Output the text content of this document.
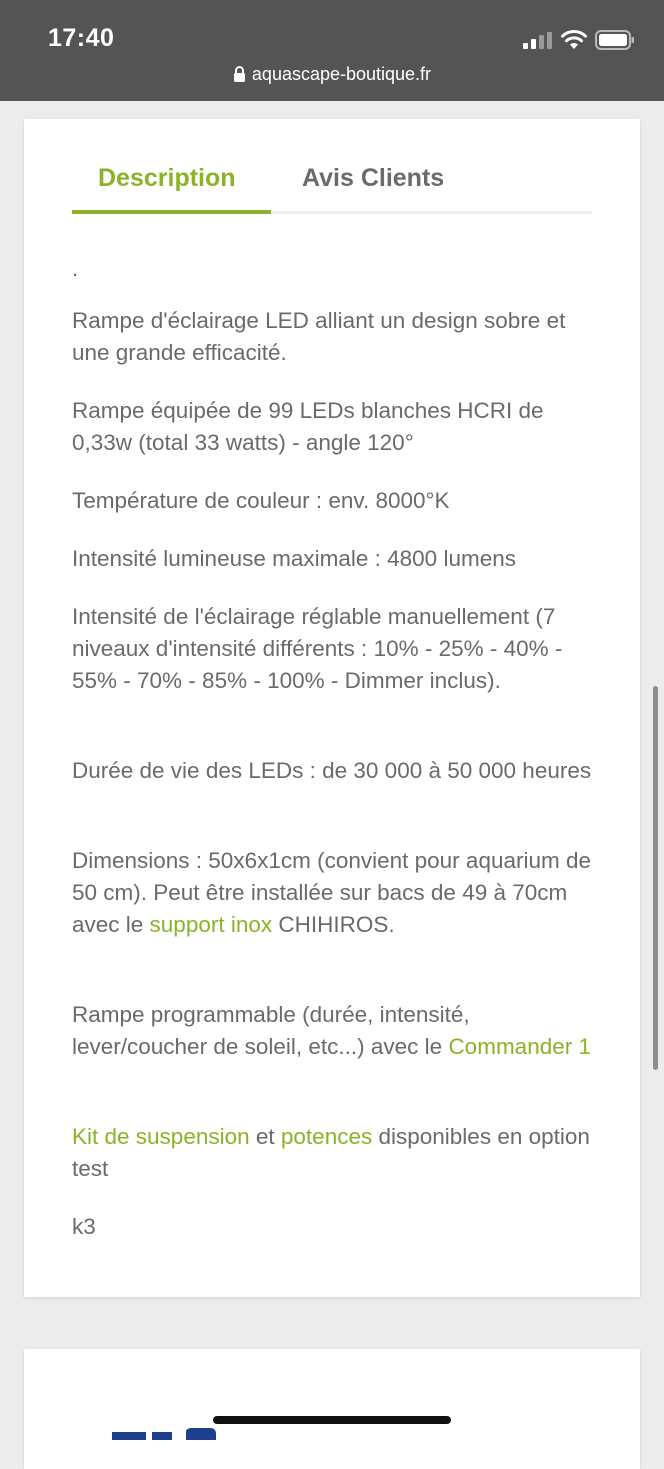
17:40
aquascape-boutique.fr
Description	Avis Clients

.

Rampe d'éclairage LED alliant un design sobre et une grande efficacité.

Rampe équipée de 99 LEDs blanches HCRI de 0,33w (total 33 watts) - angle 120°

Température de couleur : env. 8000°K

Intensité lumineuse maximale : 4800 lumens

Intensité de l'éclairage réglable manuellement (7 niveaux d'intensité différents : 10% - 25% - 40% - 55% - 70% - 85% - 100% - Dimmer inclus).

Durée de vie des LEDs : de 30 000 à 50 000 heures

Dimensions : 50x6x1cm (convient pour aquarium de 50 cm). Peut être installée sur bacs de 49 à 70cm avec le support inox CHIHIROS.

Rampe programmable (durée, intensité, lever/coucher de soleil, etc...) avec le Commander 1

Kit de suspension et potences disponibles en option test

k3
